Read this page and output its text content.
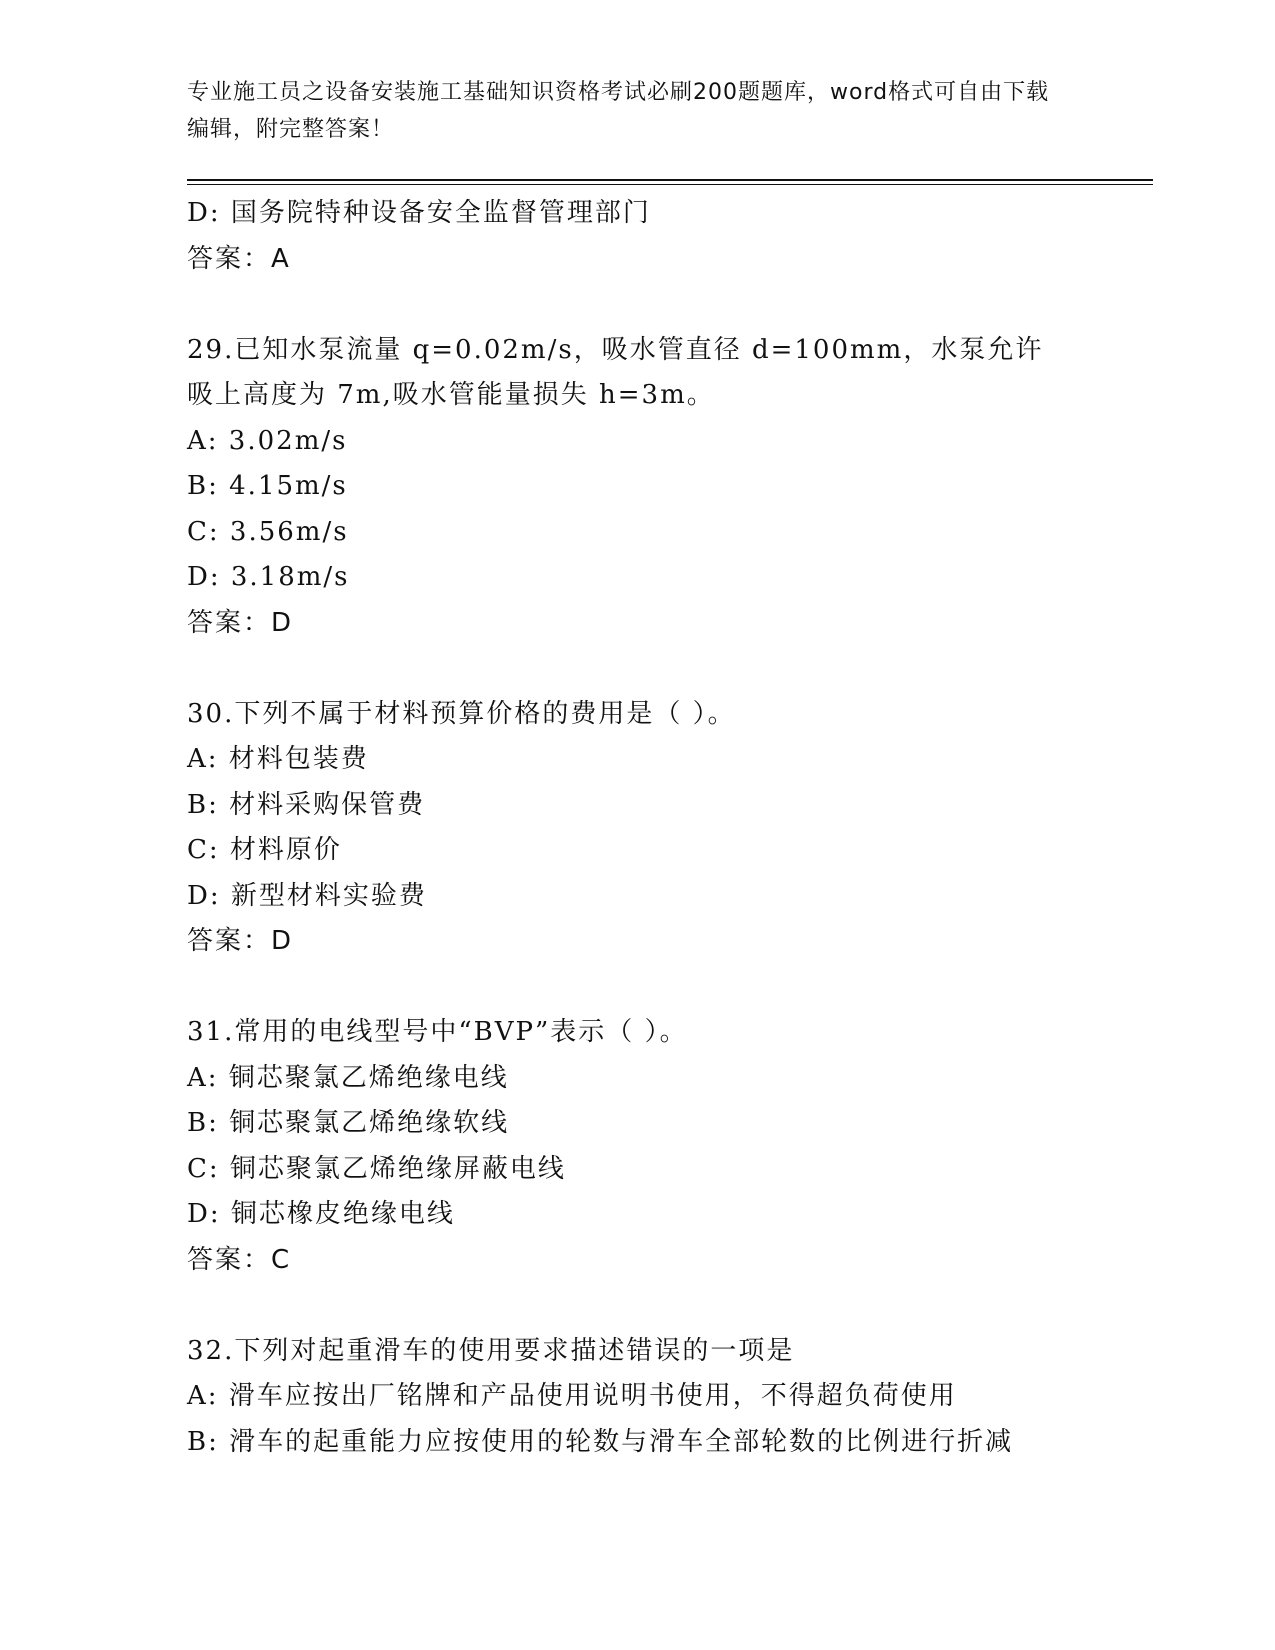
专业施工员之设备安装施工基础知识资格考试必刷200题题库，word格式可自由下载编辑，附完整答案！
D: 国务院特种设备安全监督管理部门
答案：A
29.已知水泵流量 q=0.02m/s，吸水管直径 d=100mm，水泵允许吸上高度为 7m,吸水管能量损失 h=3m。
A: 3.02m/s
B: 4.15m/s
C: 3.56m/s
D: 3.18m/s
答案：D
30.下列不属于材料预算价格的费用是（ ）。
A: 材料包装费
B: 材料采购保管费
C: 材料原价
D: 新型材料实验费
答案：D
31.常用的电线型号中“BVP”表示（ ）。
A: 铜芯聚氯乙烯绝缘电线
B: 铜芯聚氯乙烯绝缘软线
C: 铜芯聚氯乙烯绝缘屏蔽电线
D: 铜芯橡皮绝缘电线
答案：C
32.下列对起重滑车的使用要求描述错误的一项是
A: 滑车应按出厂铭牌和产品使用说明书使用，不得超负荷使用
B: 滑车的起重能力应按使用的轮数与滑车全部轮数的比例进行折减
